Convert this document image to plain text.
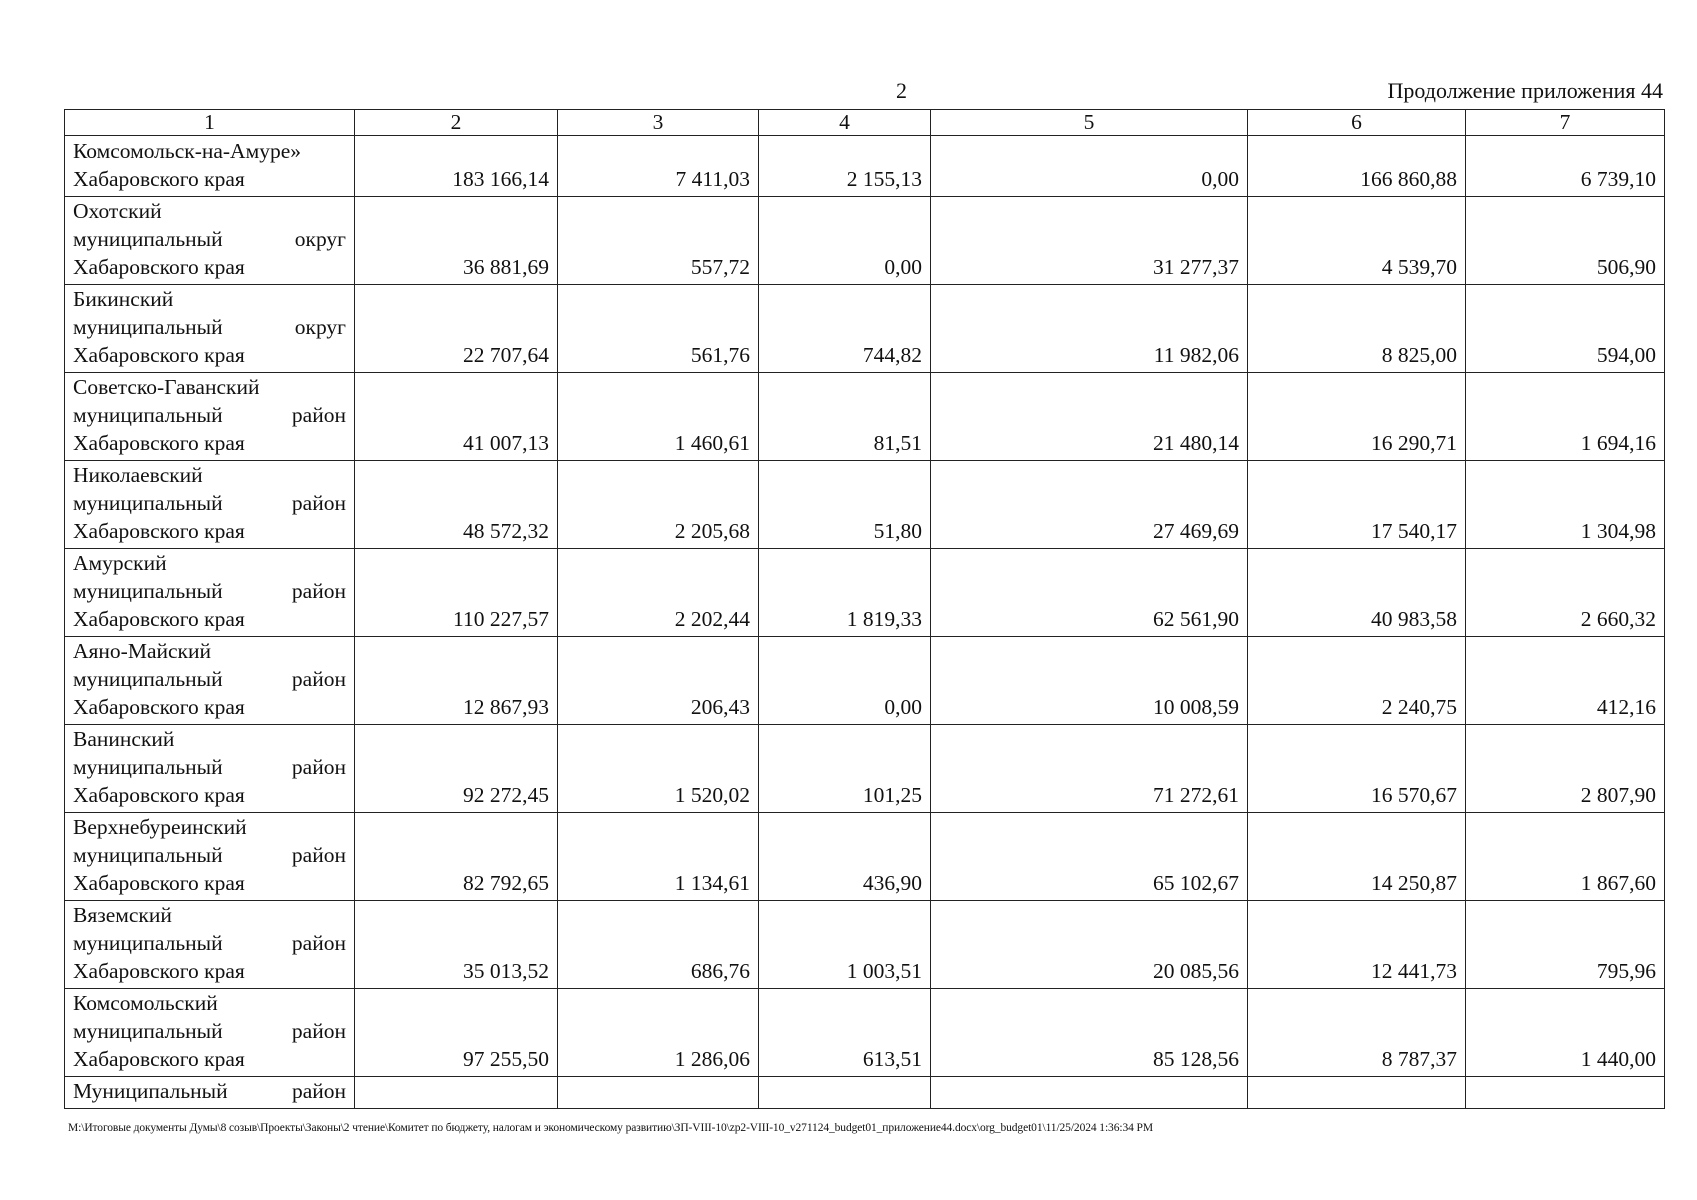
2	Продолжение приложения 44
1	2	3	4	5	6	7

Комсомольск-на-Амуре»
Хабаровского края	183 166,14	7 411,03	2 155,13	0,00	166 860,88	6 739,10

Охотский
муниципальный округ
Хабаровского края	36 881,69	557,72	0,00	31 277,37	4 539,70	506,90

Бикинский
муниципальный округ
Хабаровского края	22 707,64	561,76	744,82	11 982,06	8 825,00	594,00

Советско-Гаванский
муниципальный район
Хабаровского края	41 007,13	1 460,61	81,51	21 480,14	16 290,71	1 694,16

Николаевский
муниципальный район
Хабаровского края	48 572,32	2 205,68	51,80	27 469,69	17 540,17	1 304,98

Амурский
муниципальный район
Хабаровского края	110 227,57	2 202,44	1 819,33	62 561,90	40 983,58	2 660,32

Аяно-Майский
муниципальный район
Хабаровского края	12 867,93	206,43	0,00	10 008,59	2 240,75	412,16

Ванинский
муниципальный район
Хабаровского края	92 272,45	1 520,02	101,25	71 272,61	16 570,67	2 807,90

Верхнебуреинский
муниципальный район
Хабаровского края	82 792,65	1 134,61	436,90	65 102,67	14 250,87	1 867,60

Вяземский
муниципальный район
Хабаровского края	35 013,52	686,76	1 003,51	20 085,56	12 441,73	795,96

Комсомольский
муниципальный район
Хабаровского края	97 255,50	1 286,06	613,51	85 128,56	8 787,37	1 440,00

Муниципальный район						

M:\Итоговые документы Думы\8 созыв\Проекты\Законы\2 чтение\Комитет по бюджету, налогам и экономическому развитию\ЗП-VIII-10\zp2-VIII-10_v271124_budget01_приложение44.docx\org_budget01\11/25/2024 1:36:34 PM
